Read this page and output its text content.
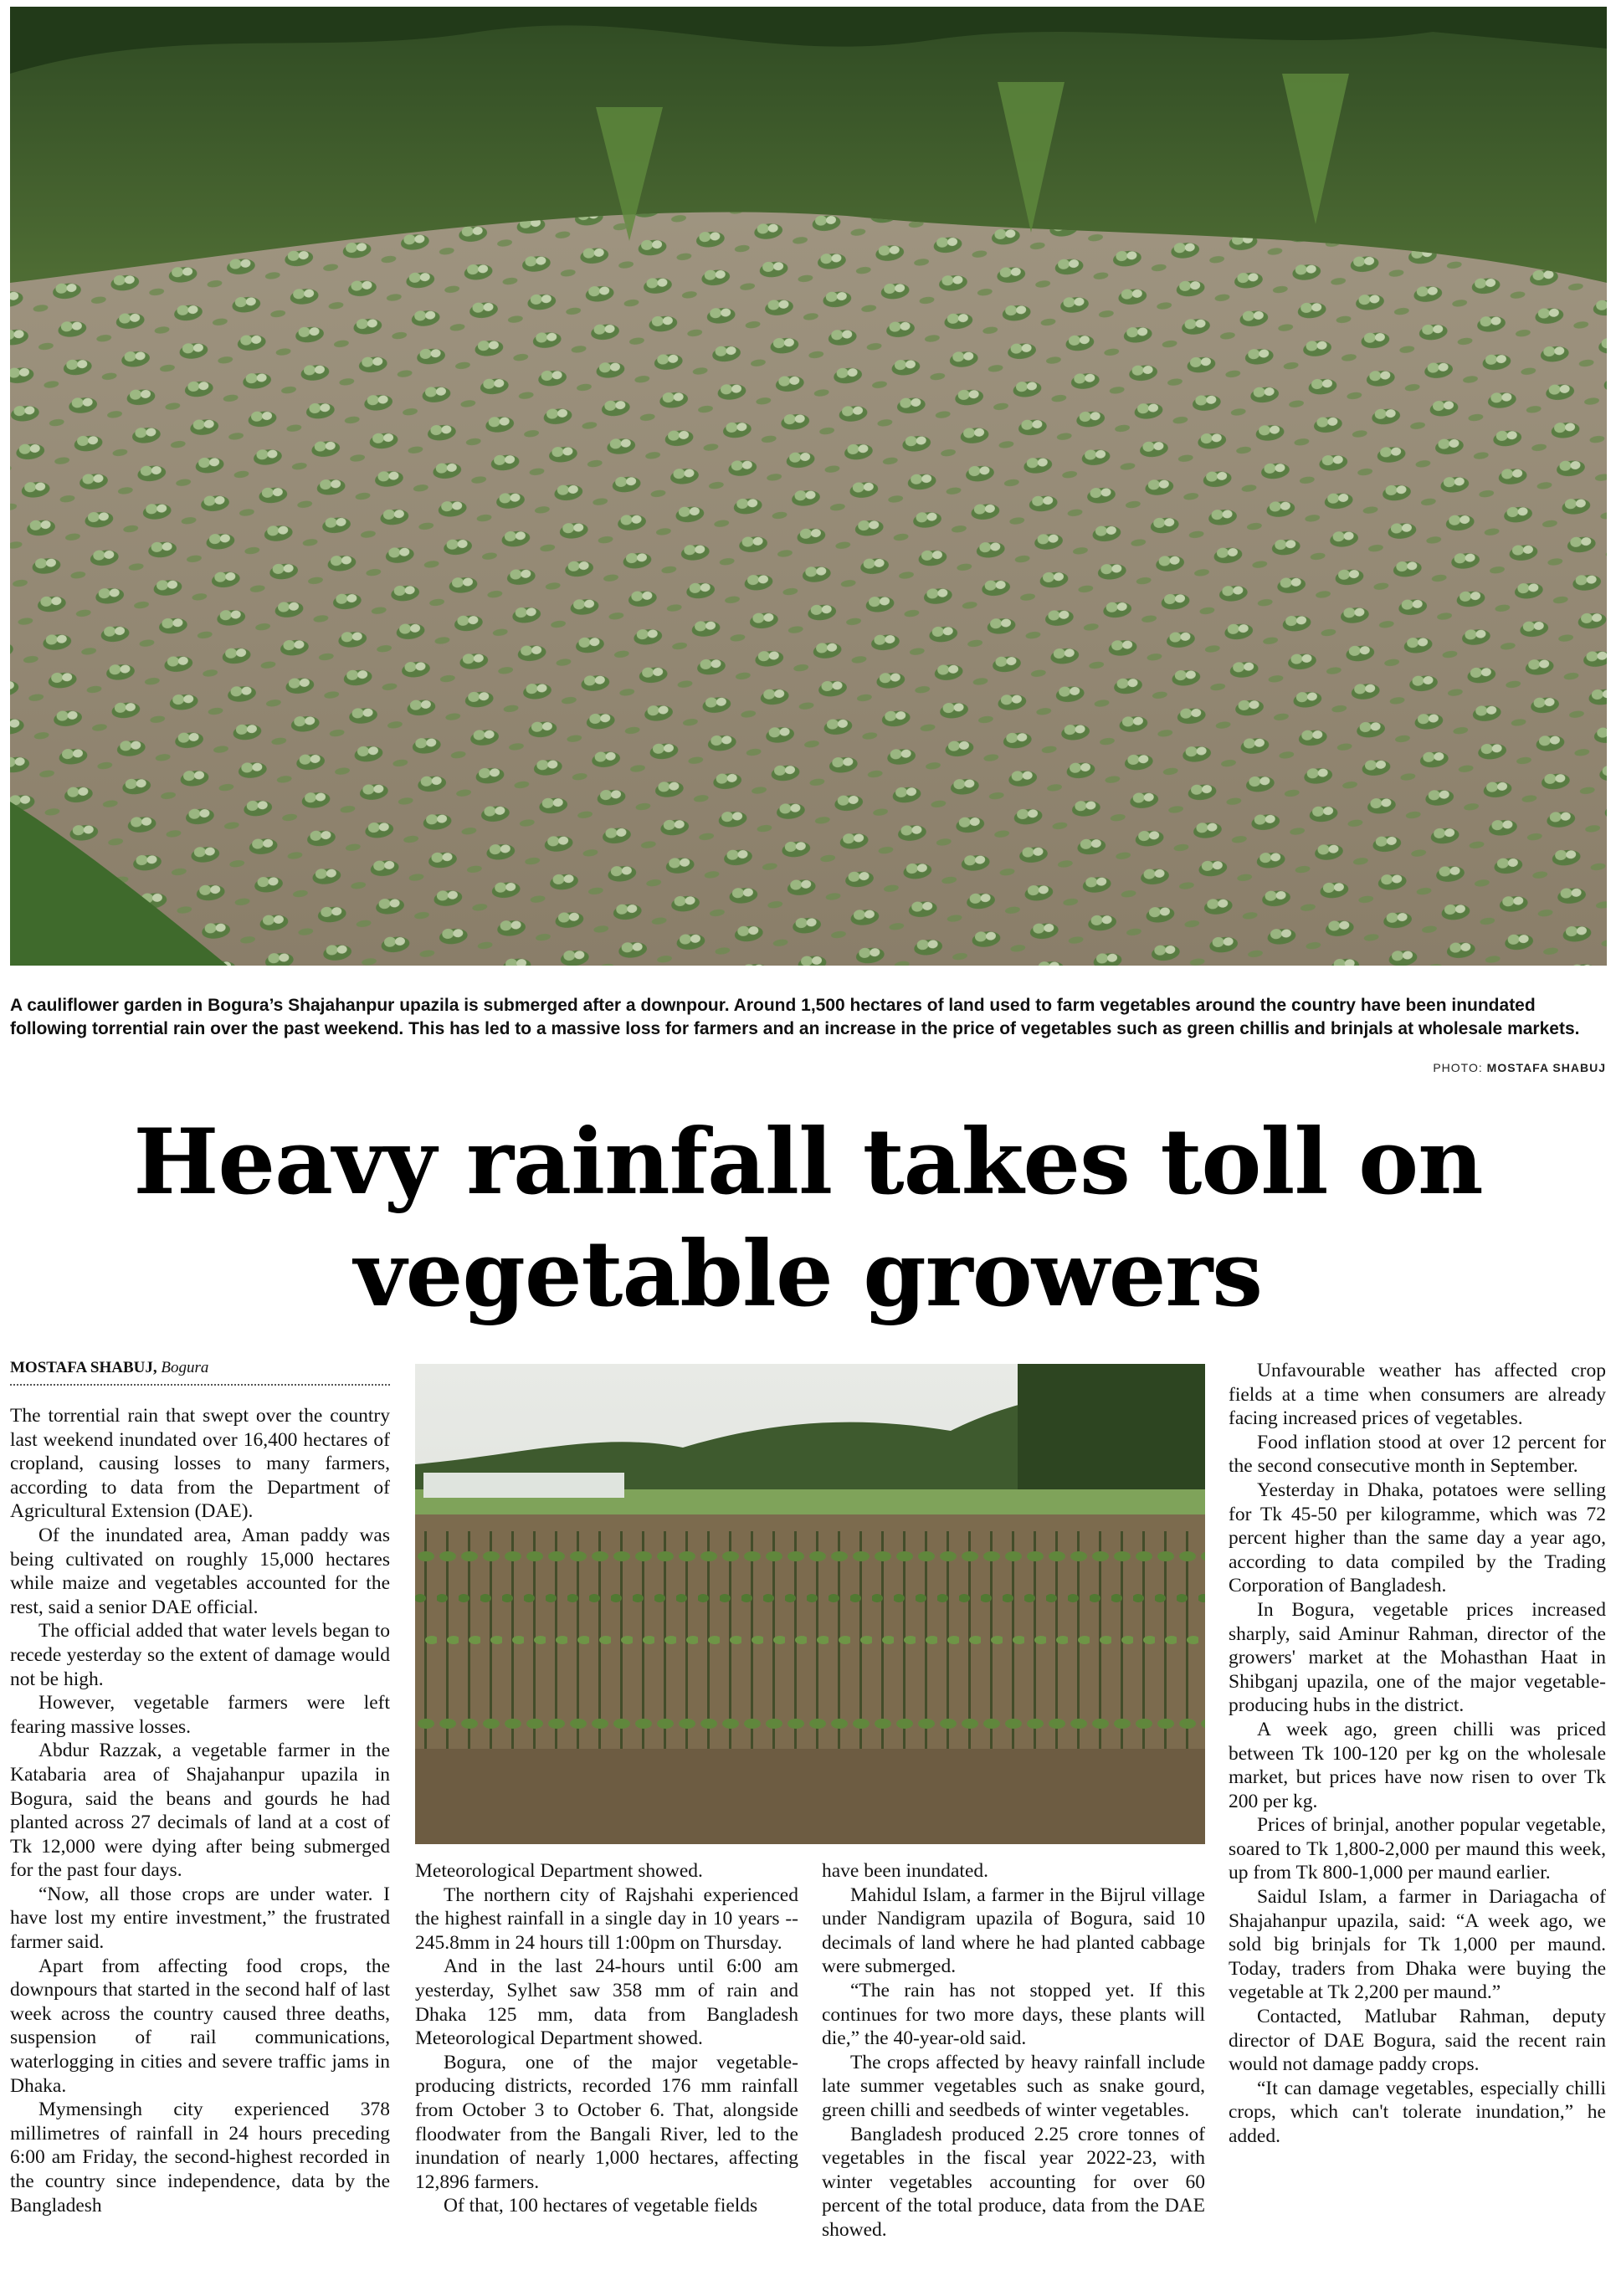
A cauliflower garden in Bogura’s Shajahanpur upazila is submerged after a downpour. Around 1,500 hectares of land used to farm vegetables around the country have been inundated following torrential rain over the past weekend. This has led to a massive loss for farmers and an increase in the price of vegetables such as green chillis and brinjals at wholesale markets.
PHOTO: MOSTAFA SHABUJ
Heavy rainfall takes toll on
vegetable growers
MOSTAFA SHABUJ, Bogura

The torrential rain that swept over the country last weekend inundated over 16,400 hectares of cropland, causing losses to many farmers, according to data from the Department of Agricultural Extension (DAE).

Of the inundated area, Aman paddy was being cultivated on roughly 15,000 hectares while maize and vegetables accounted for the rest, said a senior DAE official.

The official added that water levels began to recede yesterday so the extent of damage would not be high.

However, vegetable farmers were left fearing massive losses.

Abdur Razzak, a vegetable farmer in the Katabaria area of Shajahanpur upazila in Bogura, said the beans and gourds he had planted across 27 decimals of land at a cost of Tk 12,000 were dying after being submerged for the past four days.

“Now, all those crops are under water. I have lost my entire investment,” the frustrated farmer said.

Apart from affecting food crops, the downpours that started in the second half of last week across the country caused three deaths, suspension of rail communications, waterlogging in cities and severe traffic jams in Dhaka.

Mymensingh city experienced 378 millimetres of rainfall in 24 hours preceding 6:00 am Friday, the second-highest recorded in the country since independence, data by the Bangladesh

Meteorological Department showed.

The northern city of Rajshahi experienced the highest rainfall in a single day in 10 years -- 245.8mm in 24 hours till 1:00pm on Thursday.

And in the last 24-hours until 6:00 am yesterday, Sylhet saw 358 mm of rain and Dhaka 125 mm, data from Bangladesh Meteorological Department showed.

Bogura, one of the major vegetable-producing districts, recorded 176 mm rainfall from October 3 to October 6. That, alongside floodwater from the Bangali River, led to the inundation of nearly 1,000 hectares, affecting 12,896 farmers.

Of that, 100 hectares of vegetable fields

have been inundated.

Mahidul Islam, a farmer in the Bijrul village under Nandigram upazila of Bogura, said 10 decimals of land where he had planted cabbage were submerged.

“The rain has not stopped yet. If this continues for two more days, these plants will die,” the 40-year-old said.

The crops affected by heavy rainfall include late summer vegetables such as snake gourd, green chilli and seedbeds of winter vegetables.

Bangladesh produced 2.25 crore tonnes of vegetables in the fiscal year 2022-23, with winter vegetables accounting for over 60 percent of the total produce, data from the DAE showed.

Unfavourable weather has affected crop fields at a time when consumers are already facing increased prices of vegetables.

Food inflation stood at over 12 percent for the second consecutive month in September.

Yesterday in Dhaka, potatoes were selling for Tk 45-50 per kilogramme, which was 72 percent higher than the same day a year ago, according to data compiled by the Trading Corporation of Bangladesh.

In Bogura, vegetable prices increased sharply, said Aminur Rahman, director of the growers' market at the Mohasthan Haat in Shibganj upazila, one of the major vegetable-producing hubs in the district.

A week ago, green chilli was priced between Tk 100-120 per kg on the wholesale market, but prices have now risen to over Tk 200 per kg.

Prices of brinjal, another popular vegetable, soared to Tk 1,800-2,000 per maund this week, up from Tk 800-1,000 per maund earlier.

Saidul Islam, a farmer in Dariagacha of Shajahanpur upazila, said: “A week ago, we sold big brinjals for Tk 1,000 per maund. Today, traders from Dhaka were buying the vegetable at Tk 2,200 per maund.”

Contacted, Matlubar Rahman, deputy director of DAE Bogura, said the recent rain would not damage paddy crops.

“It can damage vegetables, especially chilli crops, which can't tolerate inundation,” he added.
